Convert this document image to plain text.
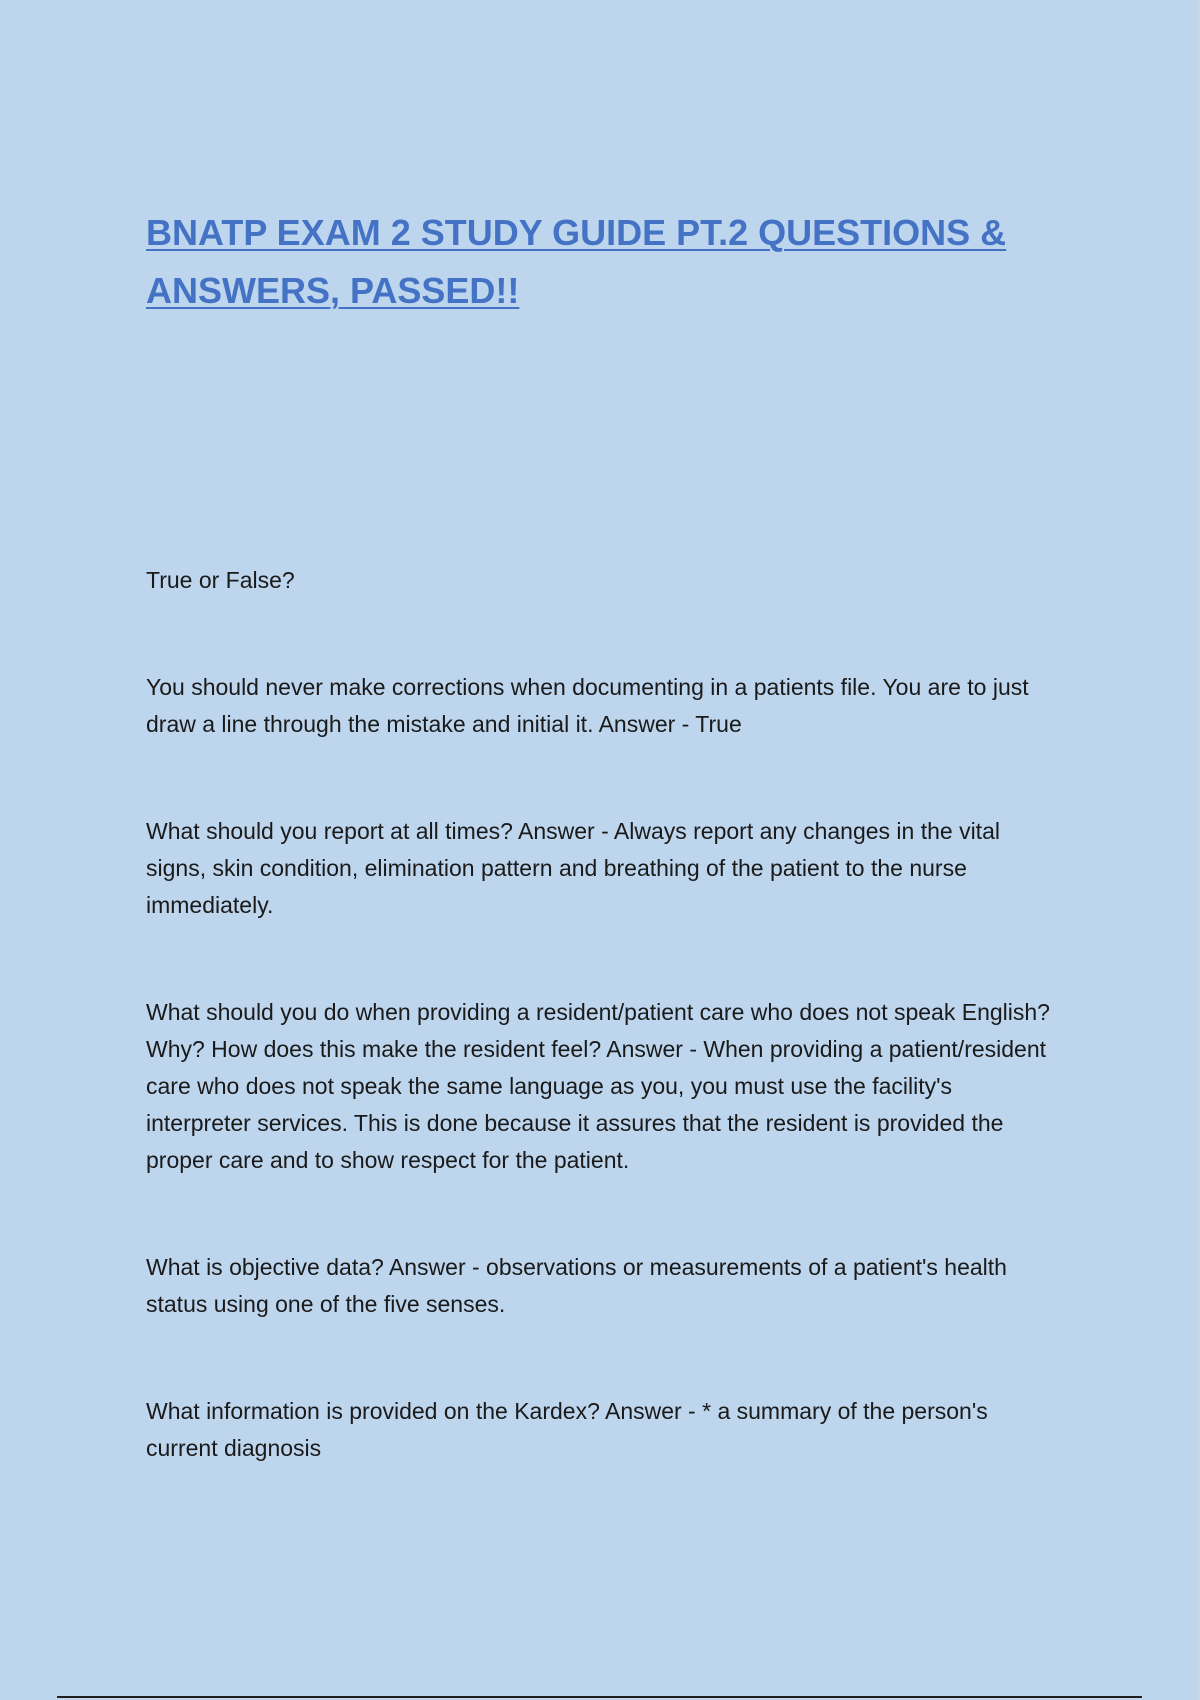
BNATP EXAM 2 STUDY GUIDE PT.2 QUESTIONS & ANSWERS, PASSED!!

True or False?

You should never make corrections when documenting in a patients file. You are to just draw a line through the mistake and initial it. Answer - True

What should you report at all times? Answer - Always report any changes in the vital signs, skin condition, elimination pattern and breathing of the patient to the nurse immediately.

What should you do when providing a resident/patient care who does not speak English? Why? How does this make the resident feel? Answer - When providing a patient/resident care who does not speak the same language as you, you must use the facility's interpreter services. This is done because it assures that the resident is provided the proper care and to show respect for the patient.

What is objective data? Answer - observations or measurements of a patient's health status using one of the five senses.

What information is provided on the Kardex? Answer - * a summary of the person's current diagnosis
